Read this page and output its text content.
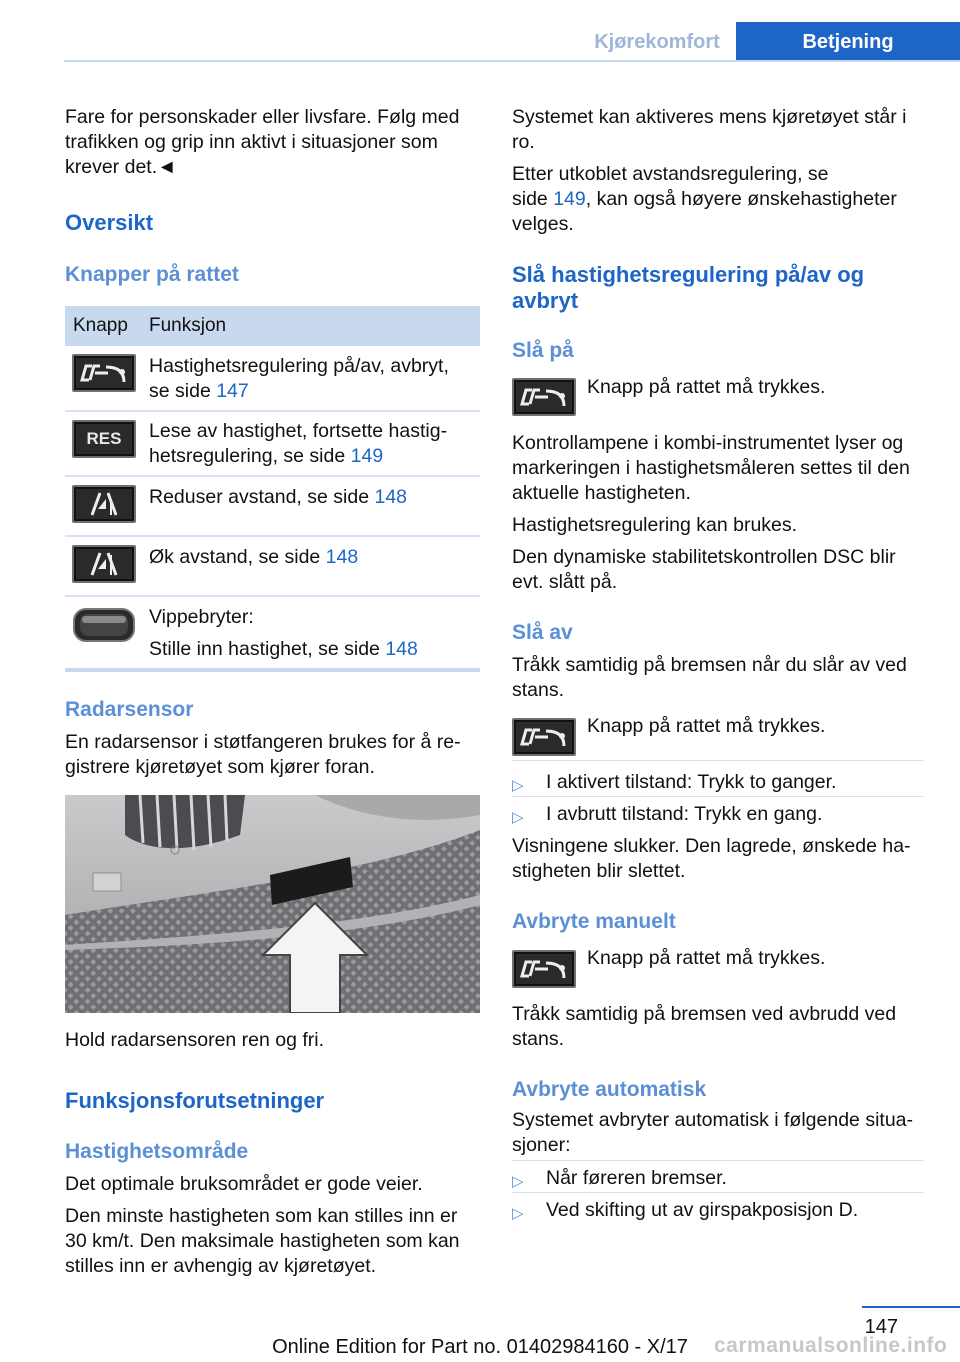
Kjørekomfort	Betjening

Fare for personskader eller livsfare. Følg med

trafikken og grip inn aktivt i situasjoner som

krever det.◄

Oversikt
Knapper på rattet
Knapp Funksjon

Hastighetsregulering på/av, avbryt,

se side 147

RES Lese av hastighet, fortsette hastig-

hetsregulering, se side 149

Reduser avstand, se side 148

Øk avstand, se side 148

Vippebryter:

Stille inn hastighet, se side 148

Radarsensor

En radarsensor i støtfangeren brukes for å re-

gistrere kjøretøyet som kjører foran.

Hold radarsensoren ren og fri.

Funksjonsforutsetninger
Hastighetsområde

Det optimale bruksområdet er gode veier.

Den minste hastigheten som kan stilles inn er

30 km/t. Den maksimale hastigheten som kan

stilles inn er avhengig av kjøretøyet.

Systemet kan aktiveres mens kjøretøyet står i

ro.

Etter utkoblet avstandsregulering, se

side 149, kan også høyere ønskehastigheter

velges.

Slå hastighetsregulering på/av og
avbryt
Slå på

Knapp på rattet må trykkes.

Kontrollampene i kombi-instrumentet lyser og

markeringen i hastighetsmåleren settes til den

aktuelle hastigheten.

Hastighetsregulering kan brukes.

Den dynamiske stabilitetskontrollen DSC blir

evt. slått på.

Slå av

Tråkk samtidig på bremsen når du slår av ved

stans.

Knapp på rattet må trykkes.

▷ I aktivert tilstand: Trykk to ganger.
▷ I avbrutt tilstand: Trykk en gang.

Visningene slukker. Den lagrede, ønskede ha-

stigheten blir slettet.

Avbryte manuelt

Knapp på rattet må trykkes.

Tråkk samtidig på bremsen ved avbrudd ved

stans.

Avbryte automatisk

Systemet avbryter automatisk i følgende situa-

sjoner:

▷ Når føreren bremser.
▷ Ved skifting ut av girspakposisjon D.
147
Online Edition for Part no. 01402984160 - X/17	carmanualsonline.info
